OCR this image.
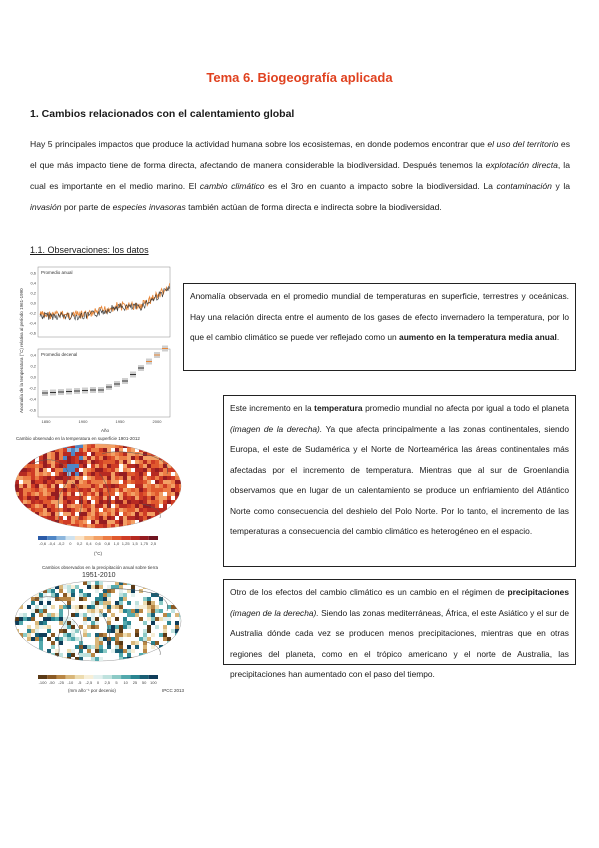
Tema 6. Biogeografía aplicada
1. Cambios relacionados con el calentamiento global
Hay 5 principales impactos que produce la actividad humana sobre los ecosistemas, en donde podemos encontrar que el uso del territorio es el que más impacto tiene de forma directa, afectando de manera considerable la biodiversidad. Después tenemos la explotación directa, la cual es importante en el medio marino. El cambio climático es el 3ro en cuanto a impacto sobre la biodiversidad. La contaminación y la invasión por parte de especies invasoras también actúan de forma directa e indirecta sobre la biodiversidad.
1.1. Observaciones: los datos
Anomalía de la temperatura (°C) relativa al período 1961-1990
Promedio anual
0,6
0,4
0,2
0,0
-0,2
-0,4
-0,6
Promedio decenal
0,4
0,2
0,0
-0,2
-0,4
-0,6
1850	1900	1950	2000
Año
Cambio observado en la temperatura en superficie 1901-2012
-0,6 -0,4 -0,2 0 0,2 0,4 0,6 0,8 1,0 1,25 1,5 1,75 2,5
(°C)
Cambios observados en la precipitación anual sobre tierra
1951-2010
-100 -50 -25 -10 -5 -2,5 0 2,5 5 10 25 50 100
(mm año⁻¹ por decenio)	IPCC 2013
Anomalía observada en el promedio mundial de temperaturas en superficie, terrestres y oceánicas. Hay una relación directa entre el aumento de los gases de efecto invernadero la temperatura, por lo que el cambio climático se puede ver reflejado como un aumento en la temperatura media anual.
Este incremento en la temperatura promedio mundial no afecta por igual a todo el planeta (imagen de la derecha). Ya que afecta principalmente a las zonas continentales, siendo Europa, el este de Sudamérica y el Norte de Norteamérica las áreas continentales más afectadas por el incremento de temperatura. Mientras que al sur de Groenlandia observamos que en lugar de un calentamiento se produce un enfriamiento del Atlántico Norte como consecuencia del deshielo del Polo Norte. Por lo tanto, el incremento de las temperaturas a consecuencia del cambio climático es heterogéneo en el espacio.
Otro de los efectos del cambio climático es un cambio en el régimen de precipitaciones (imagen de la derecha). Siendo las zonas mediterráneas, África, el este Asiático y el sur de Australia dónde cada vez se producen menos precipitaciones, mientras que en otras regiones del planeta, como en el trópico americano y el norte de Australia, las precipitaciones han aumentado con el paso del tiempo.
